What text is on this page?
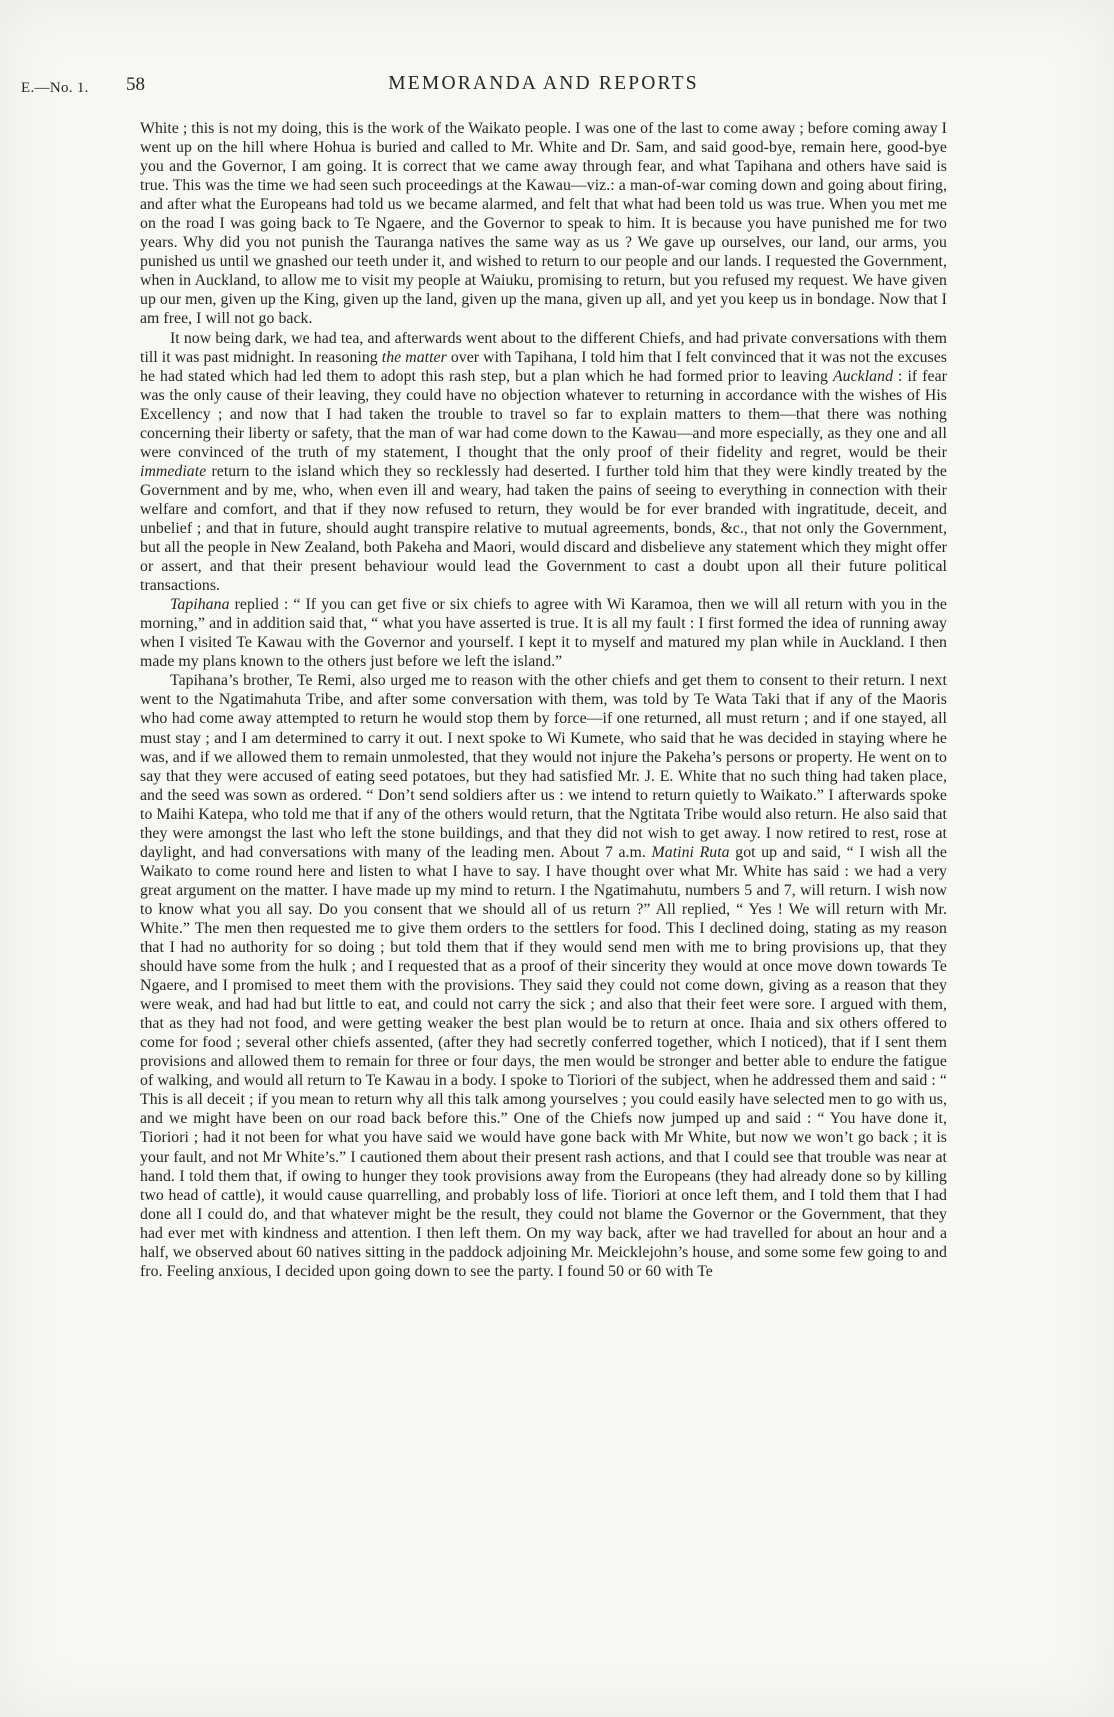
E.—No. 1. 58	MEMORANDA AND REPORTS

White ; this is not my doing, this is the work of the Waikato people. I was one of the last to come away ; before coming away I went up on the hill where Hohua is buried and called to Mr. White and Dr. Sam, and said good-bye, remain here, good-bye you and the Governor, I am going. It is correct that we came away through fear, and what Tapihana and others have said is true. This was the time we had seen such proceedings at the Kawau—viz.: a man-of-war coming down and going about firing, and after what the Europeans had told us we became alarmed, and felt that what had been told us was true. When you met me on the road I was going back to Te Ngaere, and the Governor to speak to him. It is because you have punished me for two years. Why did you not punish the Tauranga natives the same way as us ? We gave up ourselves, our land, our arms, you punished us until we gnashed our teeth under it, and wished to return to our people and our lands. I requested the Government, when in Auckland, to allow me to visit my people at Waiuku, promising to return, but you refused my request. We have given up our men, given up the King, given up the land, given up the mana, given up all, and yet you keep us in bondage. Now that I am free, I will not go back.

It now being dark, we had tea, and afterwards went about to the different Chiefs, and had private conversations with them till it was past midnight. In reasoning the matter over with Tapihana, I told him that I felt convinced that it was not the excuses he had stated which had led them to adopt this rash step, but a plan which he had formed prior to leaving Auckland : if fear was the only cause of their leaving, they could have no objection whatever to returning in accordance with the wishes of His Excellency ; and now that I had taken the trouble to travel so far to explain matters to them—that there was nothing concerning their liberty or safety, that the man of war had come down to the Kawau—and more especially, as they one and all were convinced of the truth of my statement, I thought that the only proof of their fidelity and regret, would be their immediate return to the island which they so recklessly had deserted. I further told him that they were kindly treated by the Government and by me, who, when even ill and weary, had taken the pains of seeing to everything in connection with their welfare and comfort, and that if they now refused to return, they would be for ever branded with ingratitude, deceit, and unbelief ; and that in future, should aught transpire relative to mutual agreements, bonds, &c., that not only the Government, but all the people in New Zealand, both Pakeha and Maori, would discard and disbelieve any statement which they might offer or assert, and that their present behaviour would lead the Government to cast a doubt upon all their future political transactions.

Tapihana replied : “ If you can get five or six chiefs to agree with Wi Karamoa, then we will all return with you in the morning,” and in addition said that, “ what you have asserted is true. It is all my fault : I first formed the idea of running away when I visited Te Kawau with the Governor and yourself. I kept it to myself and matured my plan while in Auckland. I then made my plans known to the others just before we left the island.”

Tapihana’s brother, Te Remi, also urged me to reason with the other chiefs and get them to consent to their return. I next went to the Ngatimahuta Tribe, and after some conversation with them, was told by Te Wata Taki that if any of the Maoris who had come away attempted to return he would stop them by force—if one returned, all must return ; and if one stayed, all must stay ; and I am determined to carry it out. I next spoke to Wi Kumete, who said that he was decided in staying where he was, and if we allowed them to remain unmolested, that they would not injure the Pakeha’s persons or property. He went on to say that they were accused of eating seed potatoes, but they had satisfied Mr. J. E. White that no such thing had taken place, and the seed was sown as ordered. “ Don’t send soldiers after us : we intend to return quietly to Waikato.” I afterwards spoke to Maihi Katepa, who told me that if any of the others would return, that the Ngtitata Tribe would also return. He also said that they were amongst the last who left the stone buildings, and that they did not wish to get away. I now retired to rest, rose at daylight, and had conversations with many of the leading men. About 7 a.m. Matini Ruta got up and said, “ I wish all the Waikato to come round here and listen to what I have to say. I have thought over what Mr. White has said : we had a very great argument on the matter. I have made up my mind to return. I the Ngatimahutu, numbers 5 and 7, will return. I wish now to know what you all say. Do you consent that we should all of us return ?” All replied, “ Yes ! We will return with Mr. White.” The men then requested me to give them orders to the settlers for food. This I declined doing, stating as my reason that I had no authority for so doing ; but told them that if they would send men with me to bring provisions up, that they should have some from the hulk ; and I requested that as a proof of their sincerity they would at once move down towards Te Ngaere, and I promised to meet them with the provisions. They said they could not come down, giving as a reason that they were weak, and had had but little to eat, and could not carry the sick ; and also that their feet were sore. I argued with them, that as they had not food, and were getting weaker the best plan would be to return at once. Ihaia and six others offered to come for food ; several other chiefs assented, (after they had secretly conferred together, which I noticed), that if I sent them provisions and allowed them to remain for three or four days, the men would be stronger and better able to endure the fatigue of walking, and would all return to Te Kawau in a body. I spoke to Tioriori of the subject, when he addressed them and said : “ This is all deceit ; if you mean to return why all this talk among yourselves ; you could easily have selected men to go with us, and we might have been on our road back before this.” One of the Chiefs now jumped up and said : “ You have done it, Tioriori ; had it not been for what you have said we would have gone back with Mr White, but now we won’t go back ; it is your fault, and not Mr White’s.” I cautioned them about their present rash actions, and that I could see that trouble was near at hand. I told them that, if owing to hunger they took provisions away from the Europeans (they had already done so by killing two head of cattle), it would cause quarrelling, and probably loss of life. Tioriori at once left them, and I told them that I had done all I could do, and that whatever might be the result, they could not blame the Governor or the Government, that they had ever met with kindness and attention. I then left them. On my way back, after we had travelled for about an hour and a half, we observed about 60 natives sitting in the paddock adjoining Mr. Meicklejohn’s house, and some some few going to and fro. Feeling anxious, I decided upon going down to see the party. I found 50 or 60 with Te
